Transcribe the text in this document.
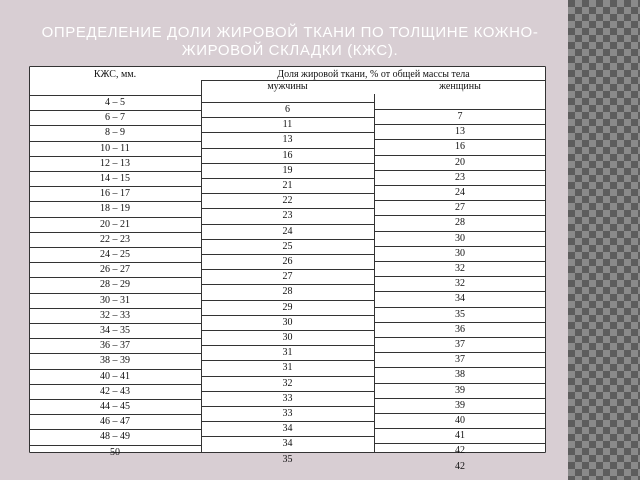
ОПРЕДЕЛЕНИЕ ДОЛИ ЖИРОВОЙ ТКАНИ ПО ТОЛЩИНЕ КОЖНО-ЖИРОВОЙ СКЛАДКИ (КЖС).
КЖС, мм.	Доля жировой ткани, % от общей массы тела
мужчины	женщины
4 – 5
6
7
6 – 7
11
13
8 – 9
13
16
10 – 11
16
20
12 – 13
19
23
14 – 15
21
24
16 – 17
22
27
18 – 19
23
28
20 – 21
24
30
22 – 23
25
30
24 – 25
26
32
26 – 27
27
32
28 – 29
28
34
30 – 31
29
35
32 – 33
30
36
34 – 35
30
37
36 – 37
31
37
38 – 39
31
38
40 – 41
32
39
42 – 43
33
39
44 – 45
33
40
46 – 47
34
41
48 – 49
34
42
50
35
42
